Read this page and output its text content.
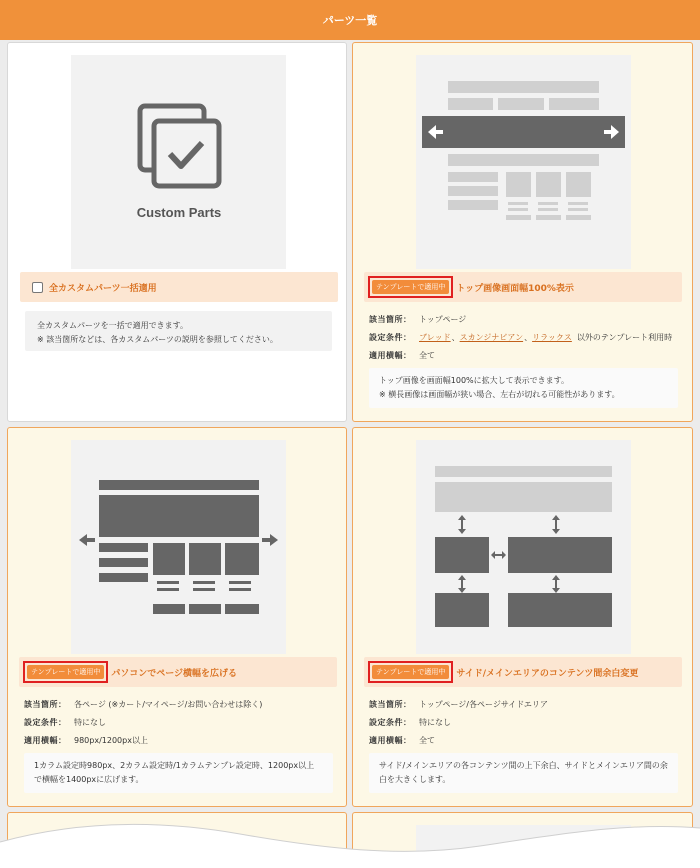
パーツ一覧
Custom Parts
全カスタムパーツ一括適用
全カスタムパーツを一括で適用できます。
※ 該当箇所などは、各カスタムパーツの説明を参照してください。
テンプレートで適用中	トップ画像画面幅100%表示
該当箇所： トップページ
設定条件： ブレッド 、 スカンジナビアン 、 リラックス 以外のテンプレート利用時
適用横幅： 全て
トップ画像を画面幅100%に拡大して表示できます。
※ 横長画像は画面幅が狭い場合、左右が切れる可能性があります。
テンプレートで適用中	パソコンでページ横幅を広げる
該当箇所： 各ページ (※カート/マイページ/お問い合わせは除く)
設定条件： 特になし
適用横幅： 980px/1200px以上
1カラム設定時980px、2カラム設定時/1カラムテンプレ設定時、1200px以上
で横幅を1400pxに広げます。
テンプレートで適用中	サイド/メインエリアのコンテンツ間余白変更
該当箇所： トップページ/各ページサイドエリア
設定条件： 特になし
適用横幅： 全て
サイド/メインエリアの各コンテンツ間の上下余白、サイドとメインエリア間の余
白を大きくします。
